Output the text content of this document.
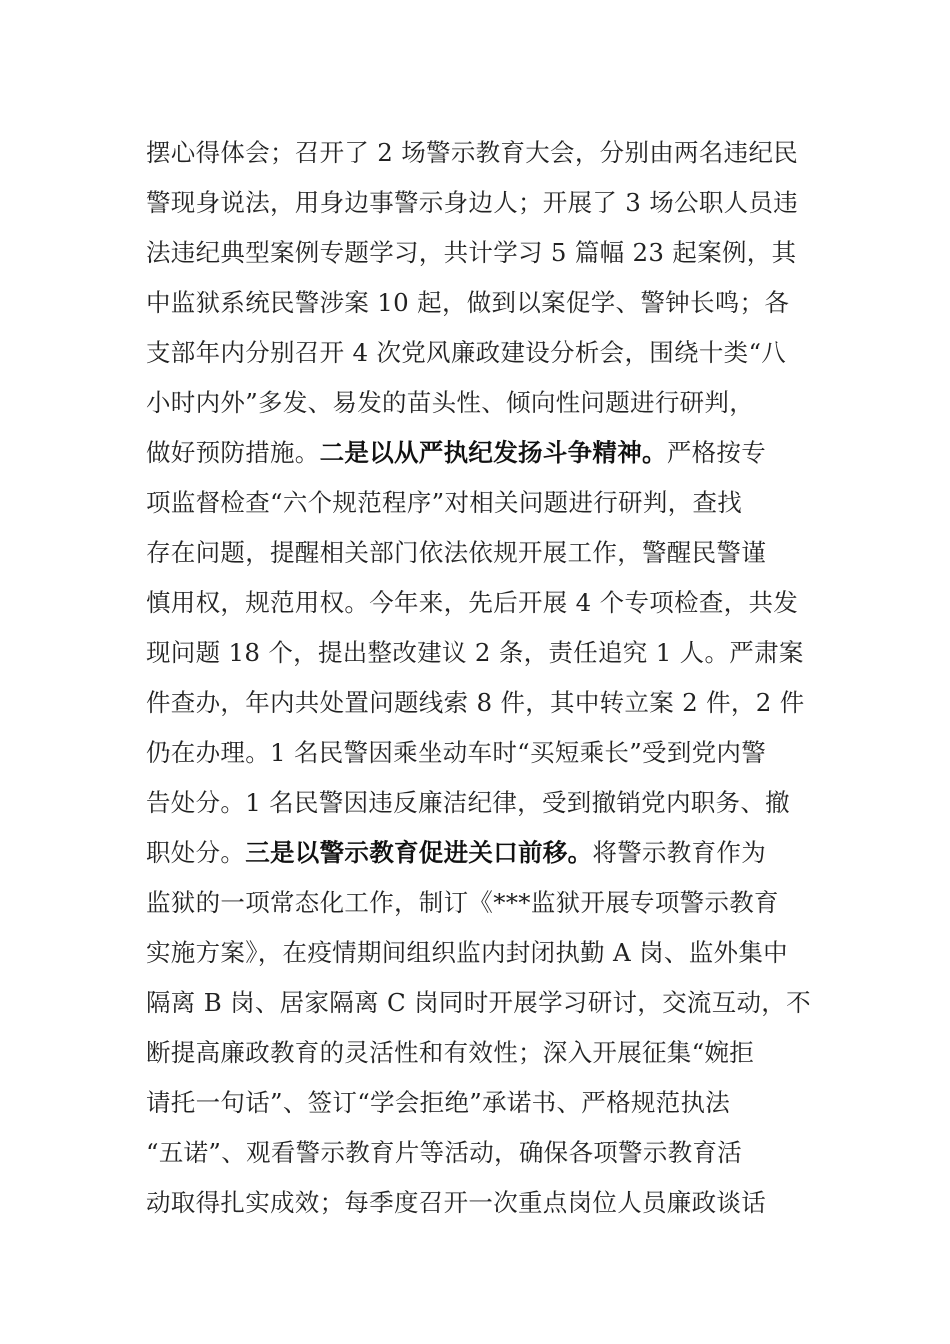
摆心得体会；召开了 2 场警示教育大会，分别由两名违纪民
警现身说法，用身边事警示身边人；开展了 3 场公职人员违
法违纪典型案例专题学习，共计学习 5 篇幅 23 起案例，其
中监狱系统民警涉案 10 起，做到以案促学、警钟长鸣；各
支部年内分别召开 4 次党风廉政建设分析会，围绕十类“八
小时内外”多发、易发的苗头性、倾向性问题进行研判，
做好预防措施。二是以从严执纪发扬斗争精神。严格按专
项监督检查“六个规范程序”对相关问题进行研判，查找
存在问题，提醒相关部门依法依规开展工作，警醒民警谨
慎用权，规范用权。今年来，先后开展 4 个专项检查，共发
现问题 18 个，提出整改建议 2 条，责任追究 1 人。严肃案
件查办，年内共处置问题线索 8 件，其中转立案 2 件，2 件
仍在办理。1 名民警因乘坐动车时“买短乘长”受到党内警
告处分。1 名民警因违反廉洁纪律，受到撤销党内职务、撤
职处分。三是以警示教育促进关口前移。将警示教育作为
监狱的一项常态化工作，制订《***监狱开展专项警示教育
实施方案》，在疫情期间组织监内封闭执勤 A 岗、监外集中
隔离 B 岗、居家隔离 C 岗同时开展学习研讨，交流互动，不
断提高廉政教育的灵活性和有效性；深入开展征集“婉拒
请托一句话”、签订“学会拒绝”承诺书、严格规范执法
“五诺”、观看警示教育片等活动，确保各项警示教育活
动取得扎实成效；每季度召开一次重点岗位人员廉政谈话
